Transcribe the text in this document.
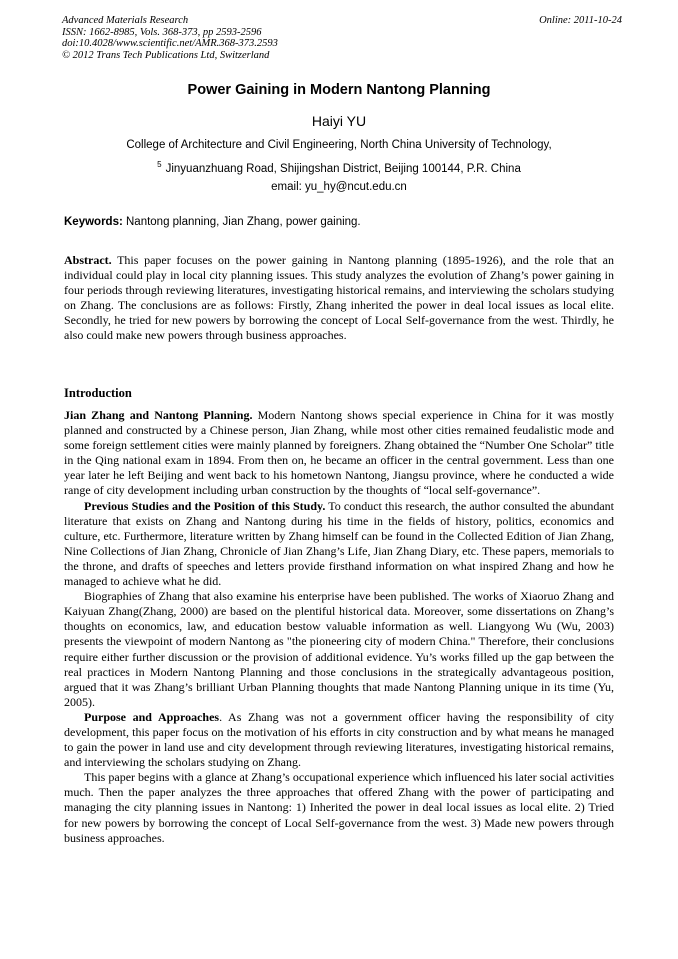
Advanced Materials Research
ISSN: 1662-8985, Vols. 368-373, pp 2593-2596
doi:10.4028/www.scientific.net/AMR.368-373.2593
© 2012 Trans Tech Publications Ltd, Switzerland
Online: 2011-10-24
Power Gaining in Modern Nantong Planning
Haiyi YU
College of Architecture and Civil Engineering, North China University of Technology,
$^5$ Jinyuanzhuang Road, Shijingshan District, Beijing 100144, P.R. China
email: yu_hy@ncut.edu.cn
Keywords: Nantong planning, Jian Zhang, power gaining.

Abstract. This paper focuses on the power gaining in Nantong planning (1895-1926), and the role that an individual could play in local city planning issues. This study analyzes the evolution of Zhang’s power gaining in four periods through reviewing literatures, investigating historical remains, and interviewing the scholars studying on Zhang. The conclusions are as follows: Firstly, Zhang inherited the power in deal local issues as local elite. Secondly, he tried for new powers by borrowing the concept of Local Self-governance from the west. Thirdly, he also could make new powers through business approaches.

Introduction

Jian Zhang and Nantong Planning. Modern Nantong shows special experience in China for it was mostly planned and constructed by a Chinese person, Jian Zhang, while most other cities remained feudalistic mode and some foreign settlement cities were mainly planned by foreigners. Zhang obtained the “Number One Scholar” title in the Qing national exam in 1894. From then on, he became an officer in the central government. Less than one year later he left Beijing and went back to his hometown Nantong, Jiangsu province, where he conducted a wide range of city development including urban construction by the thoughts of “local self-governance”.

Previous Studies and the Position of this Study. To conduct this research, the author consulted the abundant literature that exists on Zhang and Nantong during his time in the fields of history, politics, economics and culture, etc. Furthermore, literature written by Zhang himself can be found in the Collected Edition of Jian Zhang, Nine Collections of Jian Zhang, Chronicle of Jian Zhang’s Life, Jian Zhang Diary, etc. These papers, memorials to the throne, and drafts of speeches and letters provide firsthand information on what inspired Zhang and how he managed to achieve what he did.

Biographies of Zhang that also examine his enterprise have been published. The works of Xiaoruo Zhang and Kaiyuan Zhang(Zhang, 2000) are based on the plentiful historical data. Moreover, some dissertations on Zhang’s thoughts on economics, law, and education bestow valuable information as well. Liangyong Wu (Wu, 2003) presents the viewpoint of modern Nantong as "the pioneering city of modern China." Therefore, their conclusions require either further discussion or the provision of additional evidence. Yu’s works filled up the gap between the real practices in Modern Nantong Planning and those conclusions in the strategically advantageous position, argued that it was Zhang’s brilliant Urban Planning thoughts that made Nantong Planning unique in its time (Yu, 2005).

Purpose and Approaches. As Zhang was not a government officer having the responsibility of city development, this paper focus on the motivation of his efforts in city construction and by what means he managed to gain the power in land use and city development through reviewing literatures, investigating historical remains, and interviewing the scholars studying on Zhang.

This paper begins with a glance at Zhang’s occupational experience which influenced his later social activities much. Then the paper analyzes the three approaches that offered Zhang with the power of participating and managing the city planning issues in Nantong: 1) Inherited the power in deal local issues as local elite. 2) Tried for new powers by borrowing the concept of Local Self-governance from the west. 3) Made new powers through business approaches.
